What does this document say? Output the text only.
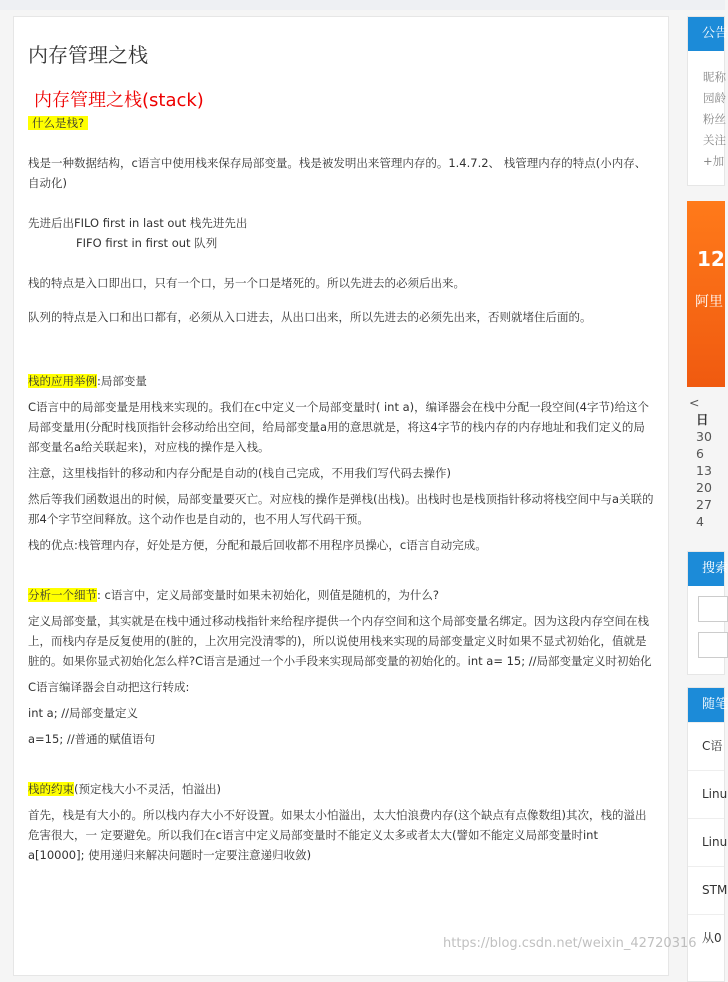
内存管理之栈

内存管理之栈(stack)

什么是栈?

栈是一种数据结构，c语言中使用栈来保存局部变量。栈是被发明出来管理内存的。1.4.7.2、 栈管理内存的特点(小内存、自动化)

先进后出FILO first in last out 栈先进先出

FIFO first in first out 队列

栈的特点是入口即出口，只有一个口，另一个口是堵死的。所以先进去的必须后出来。

队列的特点是入口和出口都有，必须从入口进去，从出口出来，所以先进去的必须先出来，否则就堵住后面的。

栈的应用举例:局部变量

C语言中的局部变量是用栈来实现的。我们在c中定义一个局部变量时( int a)，编译器会在栈中分配一段空间(4字节)给这个局部变量用(分配时栈顶指针会移动给出空间，给局部变量a用的意思就是，将这4字节的栈内存的内存地址和我们定义的局部变量名a给关联起来)，对应栈的操作是入栈。

注意，这里栈指针的移动和内存分配是自动的(栈自己完成，不用我们写代码去操作)

然后等我们函数退出的时候，局部变量要灭亡。对应栈的操作是弹栈(出栈)。出栈时也是栈顶指针移动将栈空间中与a关联的那4个字节空间释放。这个动作也是自动的，也不用人写代码干预。

栈的优点:栈管理内存，好处是方便，分配和最后回收都不用程序员操心，c语言自动完成。

分析一个细节: c语言中，定义局部变量时如果未初始化，则值是随机的，为什么?

定义局部变量，其实就是在栈中通过移动栈指针来给程序提供一个内存空间和这个局部变量名绑定。因为这段内存空间在栈上，而栈内存是反复使用的(脏的，上次用完没清零的)，所以说使用栈来实现的局部变量定义时如果不显式初始化，值就是脏的。如果你显式初始化怎么样?C语言是通过一个小手段来实现局部变量的初始化的。int a= 15; //局部变量定义时初始化

C语言编译器会自动把这行转成:

int a; //局部变量定义

a=15; //普通的赋值语句

栈的约束(预定栈大小不灵活，怕溢出)

首先，栈是有大小的。所以栈内存大小不好设置。如果太小怕溢出，太大怕浪费内存(这个缺点有点像数组)其次，栈的溢出危害很大，一 定要避免。所以我们在c语言中定义局部变量时不能定义太多或者太大(譬如不能定义局部变量时int a[10000]; 使用递归来解决问题时一定要注意递归收敛)

公告
昵称
园龄
粉丝
关注
+加
12
阿里
<
日
30
6
13
20
27
4
搜索
随笔
C语
Linu
Linu
STM
从0
https://blog.csdn.net/weixin_42720316
